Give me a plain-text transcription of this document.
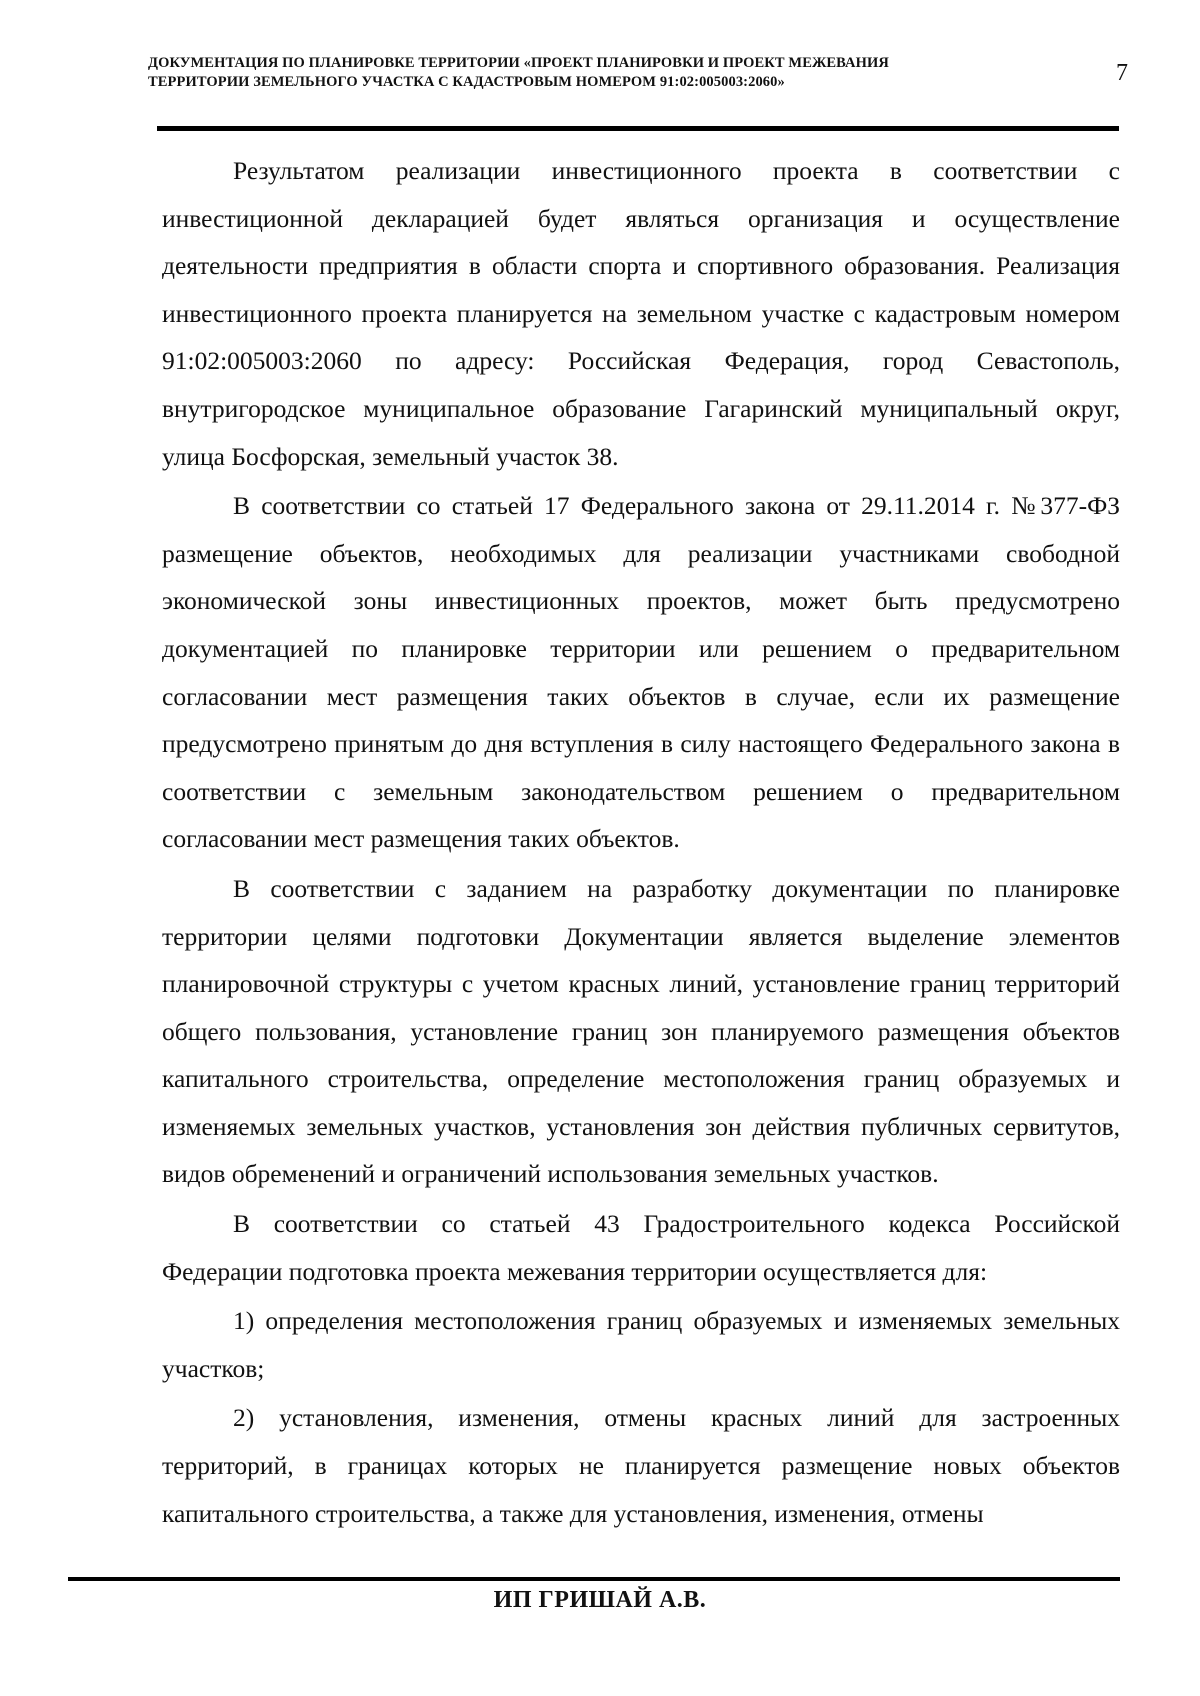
ДОКУМЕНТАЦИЯ ПО ПЛАНИРОВКЕ ТЕРРИТОРИИ «ПРОЕКТ ПЛАНИРОВКИ И ПРОЕКТ МЕЖЕВАНИЯ
ТЕРРИТОРИИ ЗЕМЕЛЬНОГО УЧАСТКА С КАДАСТРОВЫМ НОМЕРОМ 91:02:005003:2060»	7

Результатом реализации инвестиционного проекта в соответствии с инвестиционной декларацией будет являться организация и осуществление деятельности предприятия в области спорта и спортивного образования. Реализация инвестиционного проекта планируется на земельном участке с кадастровым номером 91:02:005003:2060 по адресу: Российская Федерация, город Севастополь, внутригородское муниципальное образование Гагаринский муниципальный округ, улица Босфорская, земельный участок 38.

В соответствии со статьей 17 Федерального закона от 29.11.2014 г. №377-ФЗ размещение объектов, необходимых для реализации участниками свободной экономической зоны инвестиционных проектов, может быть предусмотрено документацией по планировке территории или решением о предварительном согласовании мест размещения таких объектов в случае, если их размещение предусмотрено принятым до дня вступления в силу настоящего Федерального закона в соответствии с земельным законодательством решением о предварительном согласовании мест размещения таких объектов.

В соответствии с заданием на разработку документации по планировке территории целями подготовки Документации является выделение элементов планировочной структуры с учетом красных линий, установление границ территорий общего пользования, установление границ зон планируемого размещения объектов капитального строительства, определение местоположения границ образуемых и изменяемых земельных участков, установления зон действия публичных сервитутов, видов обременений и ограничений использования земельных участков.

В соответствии со статьей 43 Градостроительного кодекса Российской Федерации подготовка проекта межевания территории осуществляется для:

1) определения местоположения границ образуемых и изменяемых земельных участков;

2) установления, изменения, отмены красных линий для застроенных территорий, в границах которых не планируется размещение новых объектов капитального строительства, а также для установления, изменения, отмены

ИП ГРИШАЙ А.В.
